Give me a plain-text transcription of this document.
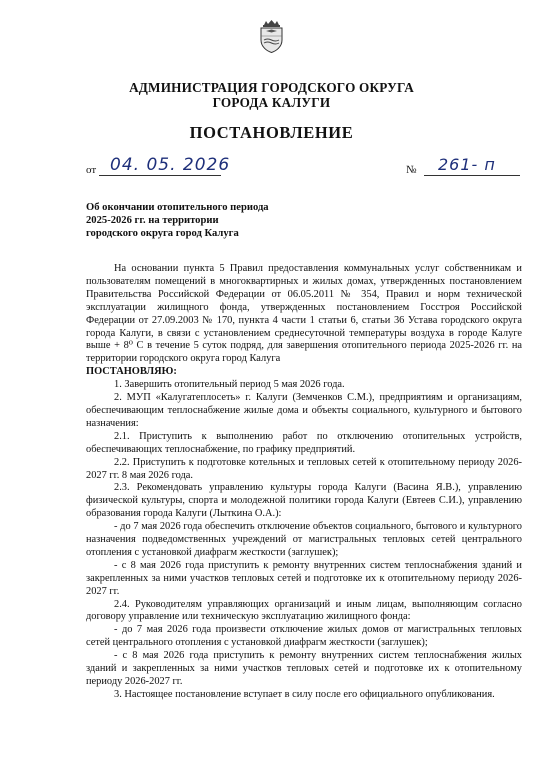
АДМИНИСТРАЦИЯ ГОРОДСКОГО ОКРУГА
ГОРОДА КАЛУГИ
ПОСТАНОВЛЕНИЕ
от 04. 05. 2026	№ 261- п
Об окончании отопительного периода
2025-2026 гг. на территории
городского округа город Калуга

На основании пункта 5 Правил предоставления коммунальных услуг собственникам и пользователям помещений в многоквартирных и жилых домах, утвержденных постановлением Правительства Российской Федерации от 06.05.2011 № 354, Правил и норм технической эксплуатации жилищного фонда, утвержденных постановлением Госстроя Российской Федерации от 27.09.2003 № 170, пункта 4 части 1 статьи 6, статьи 36 Устава городского округа города Калуги, в связи с установлением среднесуточной температуры воздуха в городе Калуге выше + 8⁰ С в течение 5 суток подряд, для завершения отопительного периода 2025-2026 гг. на территории городского округа город Калуга

ПОСТАНОВЛЯЮ:

1. Завершить отопительный период 5 мая 2026 года.

2. МУП «Калугатеплосеть» г. Калуги (Земченков С.М.), предприятиям и организациям, обеспечивающим теплоснабжение жилые дома и объекты социального, культурного и бытового назначения:

2.1. Приступить к выполнению работ по отключению отопительных устройств, обеспечивающих теплоснабжение, по графику предприятий.

2.2. Приступить к подготовке котельных и тепловых сетей к отопительному периоду 2026-2027 гг. 8 мая 2026 года.

2.3. Рекомендовать управлению культуры города Калуги (Васина Я.В.), управлению физической культуры, спорта и молодежной политики города Калуги (Евтеев С.И.), управлению образования города Калуги (Лыткина О.А.):

- до 7 мая 2026 года обеспечить отключение объектов социального, бытового и культурного назначения подведомственных учреждений от магистральных тепловых сетей центрального отопления с установкой диафрагм жесткости (заглушек);

- с 8 мая 2026 года приступить к ремонту внутренних систем теплоснабжения зданий и закрепленных за ними участков тепловых сетей и подготовке их к отопительному периоду 2026-2027 гг.

2.4. Руководителям управляющих организаций и иным лицам, выполняющим согласно договору управление или техническую эксплуатацию жилищного фонда:

- до 7 мая 2026 года произвести отключение жилых домов от магистральных тепловых сетей центрального отопления с установкой диафрагм жесткости (заглушек);

- с 8 мая 2026 года приступить к ремонту внутренних систем теплоснабжения жилых зданий и закрепленных за ними участков тепловых сетей и подготовке их к отопительному периоду 2026-2027 гг.

3. Настоящее постановление вступает в силу после его официального опубликования.
